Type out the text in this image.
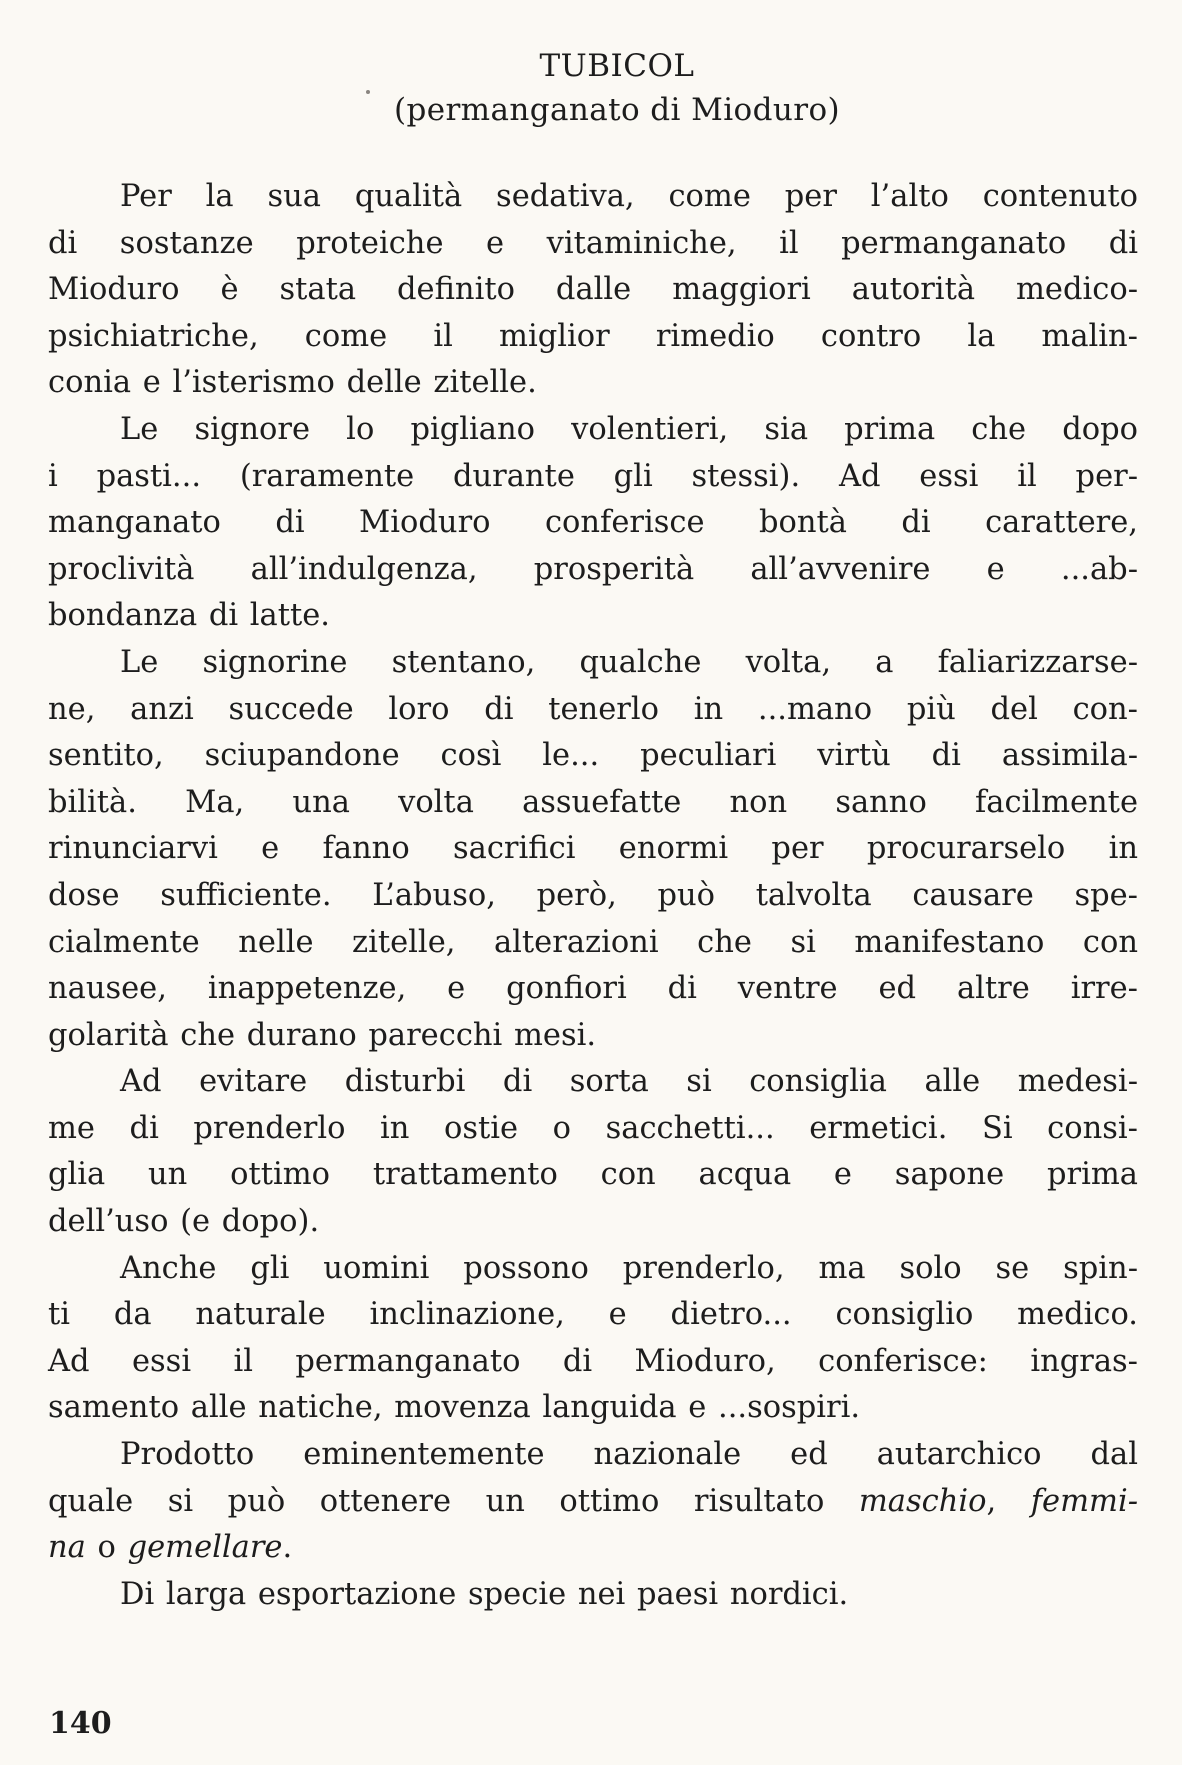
TUBICOL
(permanganato di Mioduro)
Per la sua qualità sedativa, come per l’alto contenuto
di sostanze proteiche e vitaminiche, il permanganato di
Mioduro è stata definito dalle maggiori autorità medico-
psichiatriche, come il miglior rimedio contro la malin-
conia e l’isterismo delle zitelle.
Le signore lo pigliano volentieri, sia prima che dopo
i pasti... (raramente durante gli stessi). Ad essi il per-
manganato di Mioduro conferisce bontà di carattere,
proclività all’indulgenza, prosperità all’avvenire e ...ab-
bondanza di latte.
Le signorine stentano, qualche volta, a faliarizzarse-
ne, anzi succede loro di tenerlo in ...mano più del con-
sentito, sciupandone così le... peculiari virtù di assimila-
bilità. Ma, una volta assuefatte non sanno facilmente
rinunciarvi e fanno sacrifici enormi per procurarselo in
dose sufficiente. L’abuso, però, può talvolta causare spe-
cialmente nelle zitelle, alterazioni che si manifestano con
nausee, inappetenze, e gonfiori di ventre ed altre irre-
golarità che durano parecchi mesi.
Ad evitare disturbi di sorta si consiglia alle medesi-
me di prenderlo in ostie o sacchetti... ermetici. Si consi-
glia un ottimo trattamento con acqua e sapone prima
dell’uso (e dopo).
Anche gli uomini possono prenderlo, ma solo se spin-
ti da naturale inclinazione, e dietro... consiglio medico.
Ad essi il permanganato di Mioduro, conferisce: ingras-
samento alle natiche, movenza languida e ...sospiri.
Prodotto eminentemente nazionale ed autarchico dal
quale si può ottenere un ottimo risultato maschio, femmi-
na o gemellare.
Di larga esportazione specie nei paesi nordici.
140
